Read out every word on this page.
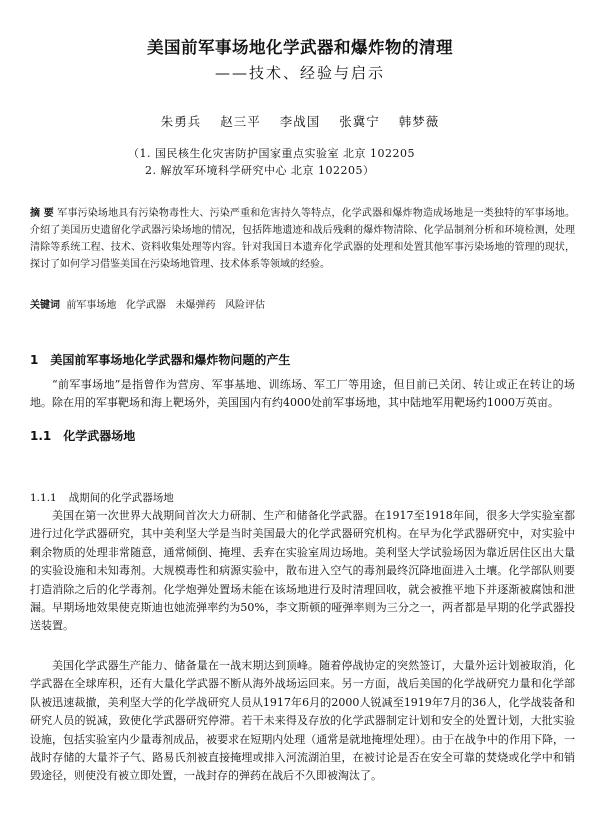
美国前军事场地化学武器和爆炸物的清理
——技术、经验与启示
朱勇兵 赵三平 李战国 张冀宁 韩梦薇
（1. 国民核生化灾害防护国家重点实验室 北京 102205
2. 解放军环境科学研究中心 北京 102205）
摘 要 军事污染场地具有污染物毒性大、污染严重和危害持久等特点，化学武器和爆炸物造成场地是一类独特的军事场地。介绍了美国历史遗留化学武器污染场地的情况，包括阵地遗迹和战后残剩的爆炸物清除、化学品制剂分析和环境检测，处理清除等系统工程、技术、资料收集处理等内容。针对我国日本遗弃化学武器的处理和处置其他军事污染场地的管理的现状，探讨了如何学习借鉴美国在污染场地管理、技术体系等领域的经验。
关键词 前军事场地 化学武器 未爆弹药 风险评估
1 美国前军事场地化学武器和爆炸物问题的产生
“前军事场地”是指曾作为营房、军事基地、训练场、军工厂等用途，但目前已关闭、转让或正在转让的场地。除在用的军事靶场和海上靶场外，美国国内有约4000处前军事场地，其中陆地军用靶场约1000万英亩。
1.1 化学武器场地
1.1.1 战期间的化学武器场地
美国在第一次世界大战期间首次大力研制、生产和储备化学武器。在1917至1918年间，很多大学实验室都进行过化学武器研究，其中美利坚大学是当时美国最大的化学武器研究机构。在早为化学武器研究中，对实验中剩余物质的处理非常随意，通常倾倒、掩埋、丢弃在实验室周边场地。美利坚大学试验场因为靠近居住区出大量的实验设施和未知毒剂。大规模毒性和病源实验中，散布进入空气的毒剂最终沉降地面进入土壤。化学部队则要打造消除之后的化学毒剂。化学炮弹处置场未能在该场地进行及时清理回收，就会被推平地下并逐渐被腐蚀和泄漏。早期场地效果使克斯迪也她流弹率约为50%，李文斯顿的哑弹率则为三分之一，两者都是早期的化学武器投送装置。
美国化学武器生产能力、储备量在一战末期达到顶峰。随着停战协定的突然签订，大量外运计划被取消，化学武器在全球库积，还有大量化学武器不断从海外战场运回来。另一方面，战后美国的化学战研究力量和化学部队被迅速裁撤，美利坚大学的化学战研究人员从1917年6月的2000人锐减至1919年7月的36人，化学战装备和研究人员的锐减，致使化学武器研究停滞。若干未来得及存放的化学武器制定计划和安全的处置计划，大批实验设施，包括实验室内少量毒剂成品，被要求在短期内处理（通常是就地掩埋处理）。由于在战争中的作用下降，一战时存储的大量芥子气、路易氏剂被直接掩埋或排入河流湖泊里，在被讨论是否在安全可靠的焚烧或化学中和销毁途径，则使没有被立即处置，一战封存的弹药在战后不久即被淘汰了。
